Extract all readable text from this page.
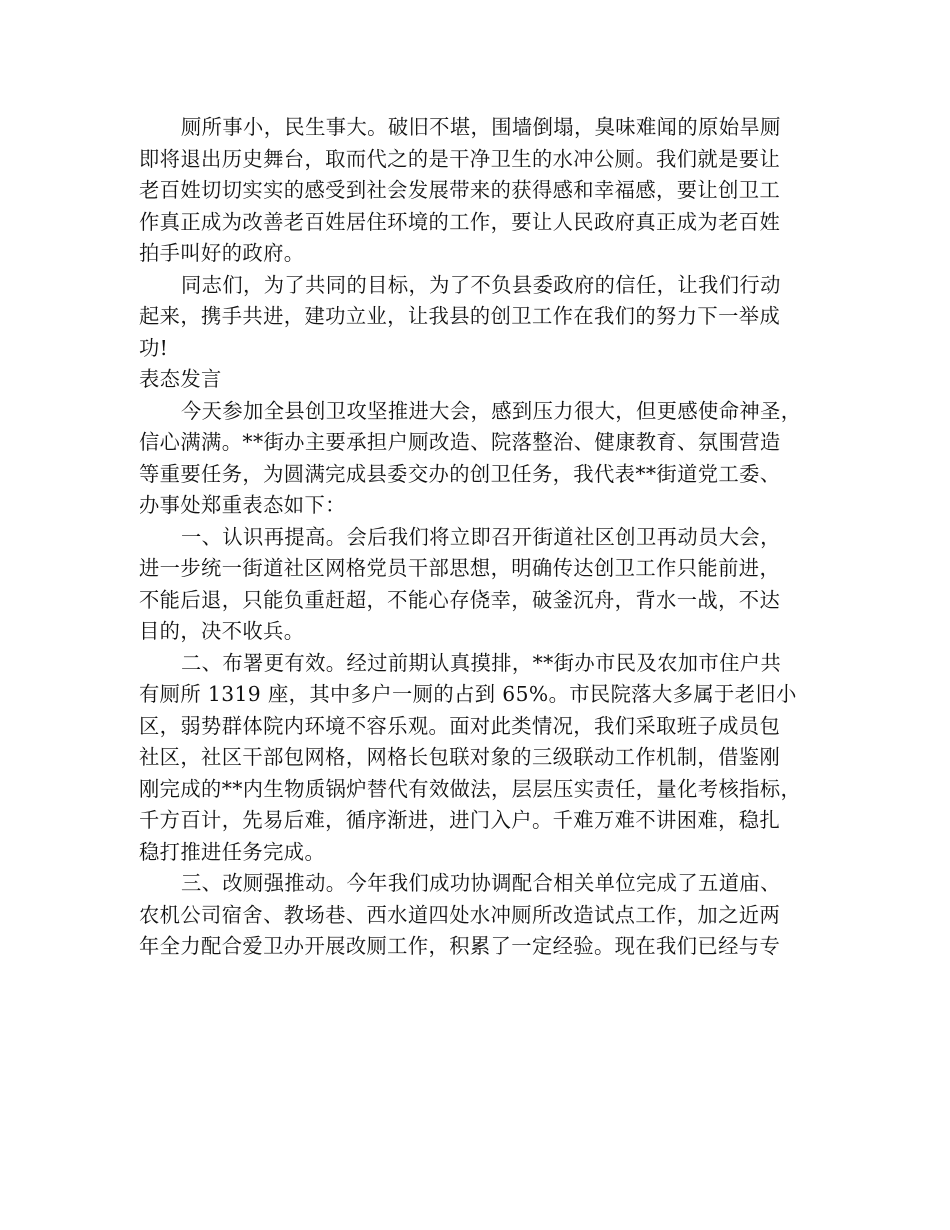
厕所事小，民生事大。破旧不堪，围墙倒塌，臭味难闻的原始旱厕
即将退出历史舞台，取而代之的是干净卫生的水冲公厕。我们就是要让
老百姓切切实实的感受到社会发展带来的获得感和幸福感，要让创卫工
作真正成为改善老百姓居住环境的工作，要让人民政府真正成为老百姓
拍手叫好的政府。
同志们，为了共同的目标，为了不负县委政府的信任，让我们行动
起来，携手共进，建功立业，让我县的创卫工作在我们的努力下一举成
功!
表态发言
今天参加全县创卫攻坚推进大会，感到压力很大，但更感使命神圣，
信心满满。**街办主要承担户厕改造、院落整治、健康教育、氛围营造
等重要任务，为圆满完成县委交办的创卫任务，我代表**街道党工委、
办事处郑重表态如下：
一、认识再提高。会后我们将立即召开街道社区创卫再动员大会，
进一步统一街道社区网格党员干部思想，明确传达创卫工作只能前进，
不能后退，只能负重赶超，不能心存侥幸，破釜沉舟，背水一战，不达
目的，决不收兵。
二、布署更有效。经过前期认真摸排，**街办市民及农加市住户共
有厕所 1319 座，其中多户一厕的占到 65%。市民院落大多属于老旧小
区，弱势群体院内环境不容乐观。面对此类情况，我们采取班子成员包
社区，社区干部包网格，网格长包联对象的三级联动工作机制，借鉴刚
刚完成的**内生物质锅炉替代有效做法，层层压实责任，量化考核指标，
千方百计，先易后难，循序渐进，进门入户。千难万难不讲困难，稳扎
稳打推进任务完成。
三、改厕强推动。今年我们成功协调配合相关单位完成了五道庙、
农机公司宿舍、教场巷、西水道四处水冲厕所改造试点工作，加之近两
年全力配合爱卫办开展改厕工作，积累了一定经验。现在我们已经与专
